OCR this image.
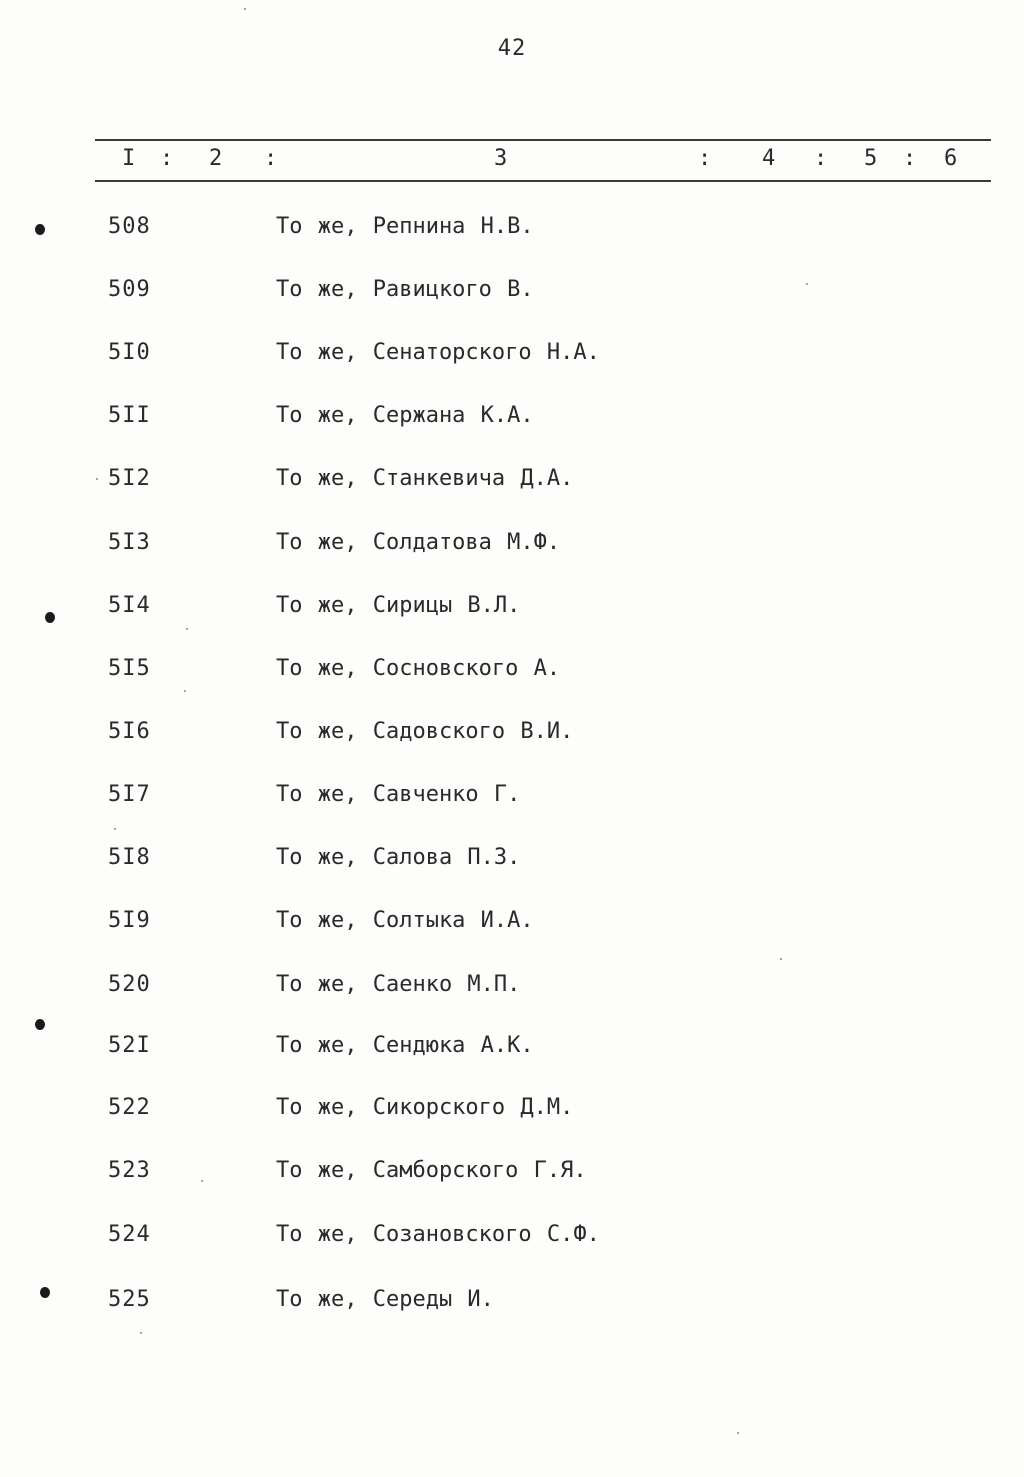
42
I : 2 :	3	: 4 : 5 : 6
508	То же, Репнина Н.В.
509	То же, Равицкого В.
5I0	То же, Сенаторского Н.А.
5II	То же, Сержана К.А.
5I2	То же, Станкевича Д.А.
5I3	То же, Солдатова М.Ф.
5I4	То же, Сирицы В.Л.
5I5	То же, Сосновского А.
5I6	То же, Садовского В.И.
5I7	То же, Савченко Г.
5I8	То же, Салова П.З.
5I9	То же, Солтыка И.А.
520	То же, Саенко М.П.
52I	То же, Сендюка А.К.
522	То же, Сикорского Д.М.
523	То же, Самборского Г.Я.
524	То же, Созановского С.Ф.
525	То же, Середы И.
